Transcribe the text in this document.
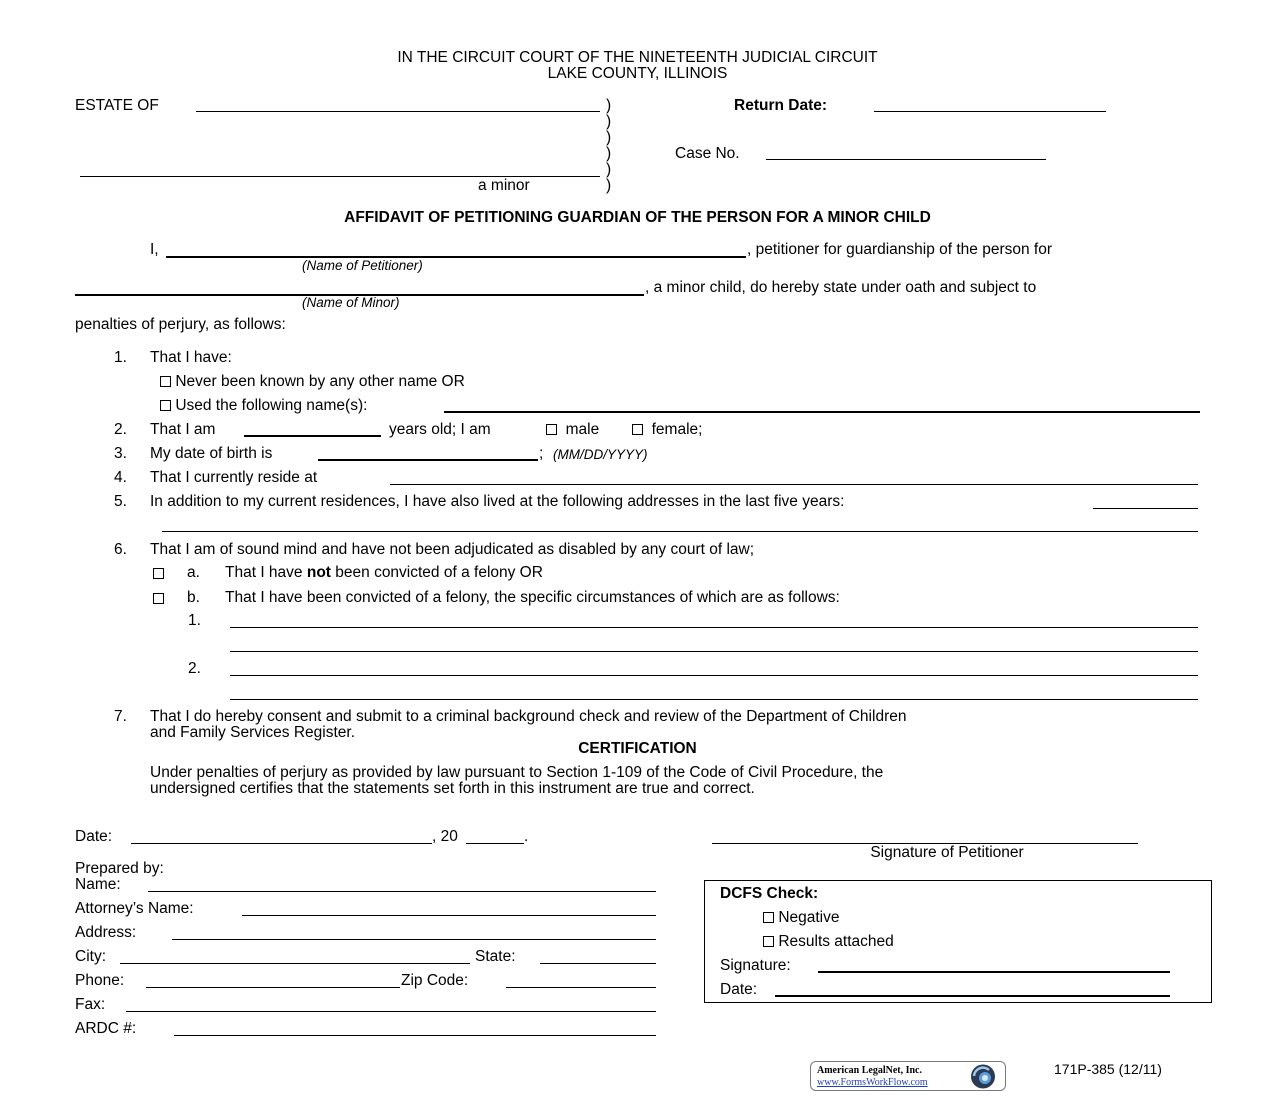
IN THE CIRCUIT COURT OF THE NINETEENTH JUDICIAL CIRCUIT
LAKE COUNTY, ILLINOIS
ESTATE OF
a minor
)
)
)
)
)
)
Return Date:
Case No.
AFFIDAVIT OF PETITIONING GUARDIAN OF THE PERSON FOR A MINOR CHILD
I,	, petitioner for guardianship of the person for
(Name of Petitioner)
, a minor child, do hereby state under oath and subject to
(Name of Minor)
penalties of perjury, as follows:
1. That I have:
Never been known by any other name OR
Used the following name(s):
2. That I am	years old; I am	male	female;
3. My date of birth is	; (MM/DD/YYYY)
4. That I currently reside at
5. In addition to my current residences, I have also lived at the following addresses in the last five years:
6. That I am of sound mind and have not been adjudicated as disabled by any court of law;
a. That I have not been convicted of a felony OR
b. That I have been convicted of a felony, the specific circumstances of which are as follows:
1.
2.
7. That I do hereby consent and submit to a criminal background check and review of the Department of Children
and Family Services Register.
CERTIFICATION
Under penalties of perjury as provided by law pursuant to Section 1-109 of the Code of Civil Procedure, the
undersigned certifies that the statements set forth in this instrument are true and correct.
Date:	, 20	.
Signature of Petitioner
Prepared by:
Name:
Attorney’s Name:
Address:
City:	State:
Phone:	Zip Code:
Fax:
ARDC #:
DCFS Check:
Negative
Results attached
Signature:
Date:
American LegalNet, Inc.
www.FormsWorkFlow.com
171P-385 (12/11)
